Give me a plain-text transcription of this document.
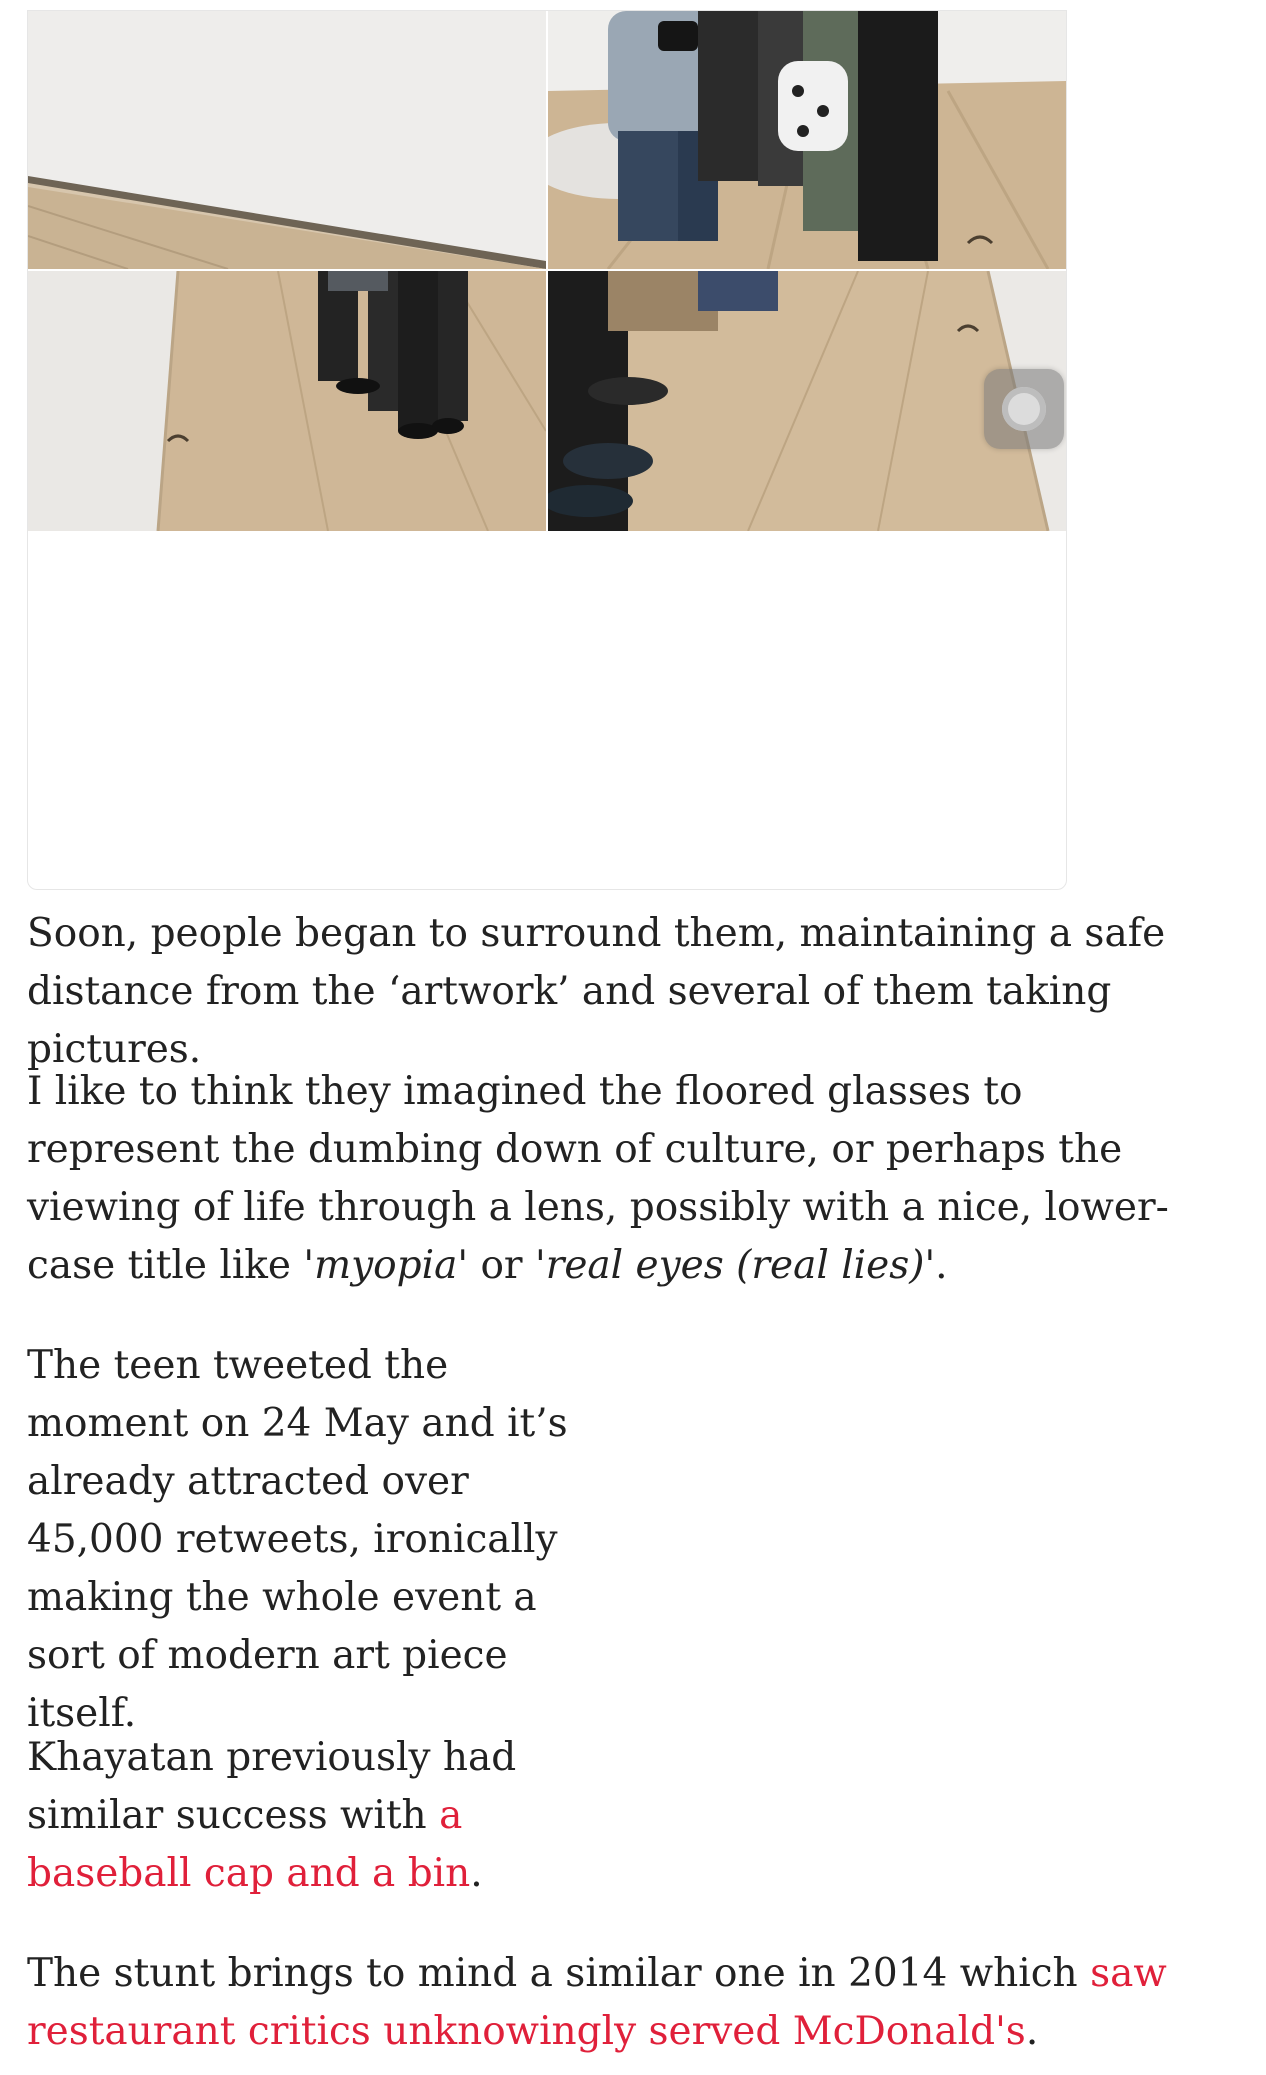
Soon, people began to surround them, maintaining a safe distance from the ‘artwork’ and several of them taking pictures.

I like to think they imagined the floored glasses to represent the dumbing down of culture, or perhaps the viewing of life through a lens, possibly with a nice, lower-case title like 'myopia' or 'real eyes (real lies)'.

The teen tweeted the moment on 24 May and it’s already attracted over 45,000 retweets, ironically making the whole event a sort of modern art piece itself.

Khayatan previously had similar success with a baseball cap and a bin.

The stunt brings to mind a similar one in 2014 which saw restaurant critics unknowingly served McDonald's.
